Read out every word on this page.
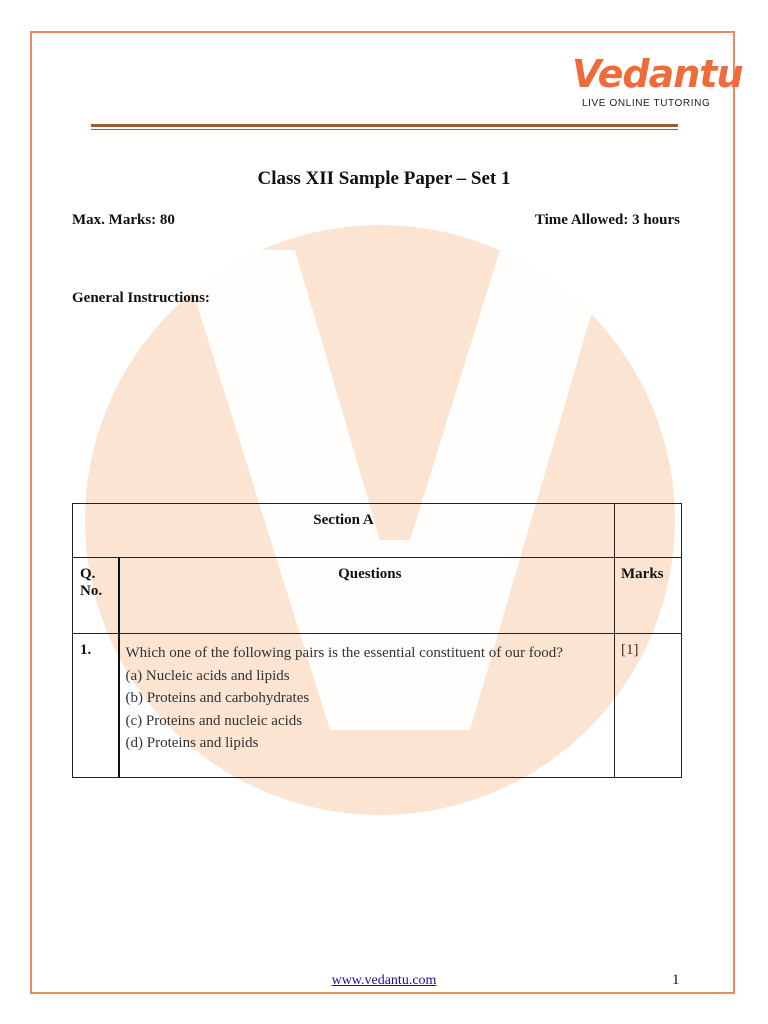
Vedantu
LIVE ONLINE TUTORING
Class XII Sample Paper – Set 1
Max. Marks: 80	Time Allowed: 3 hours
General Instructions:
Section A		
Q. No.	Questions	Marks
1.	Which one of the following pairs is the essential constituent of our food?
(a) Nucleic acids and lipids
(b) Proteins and carbohydrates
(c) Proteins and nucleic acids
(d) Proteins and lipids	[1]
www.vedantu.com	1
